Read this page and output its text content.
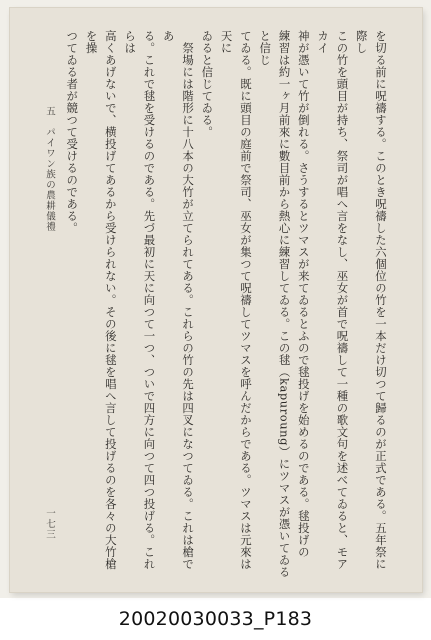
を切る前に呪禱する。このとき呪禱した六個位の竹を一本だけ切つて歸るのが正式である。五年祭に際し
この竹を頭目が持ち、祭司が唱へ言をなし、巫女が首で呪禱して一種の歌文句を述べてゐると、モアカイ
神が憑いて竹が倒れる。さうするとツマスが来てゐるとふので毬投げを始めるのである。毬投げの
練習は約一ヶ月前來に數目前から熱心に練習してゐる。この毬（kapuroung）にツマスが憑いてゐると信じ
てゐる。既に頭目の庭前で祭司、巫女が集つて呪禱してツマスを呼んだからである。ツマスは元來は天に
ゐると信じてゐる。
　祭場には階形に十八本の大竹が立てられてある。これらの竹の先は四叉になつてゐる。これは槍であ
る。これで毬を受けるのである。先づ最初に天に向つて一つ、ついで四方に向つて四つ投げる。これらは
高くあげないで、横投げてあるから受けられない。その後に毬を唱へ言して投げるのを各々の大竹槍を操
つてゐる者が競つて受けるのである。

五　パイワン族の農耕儀禮
一七三
20020030033_P183
